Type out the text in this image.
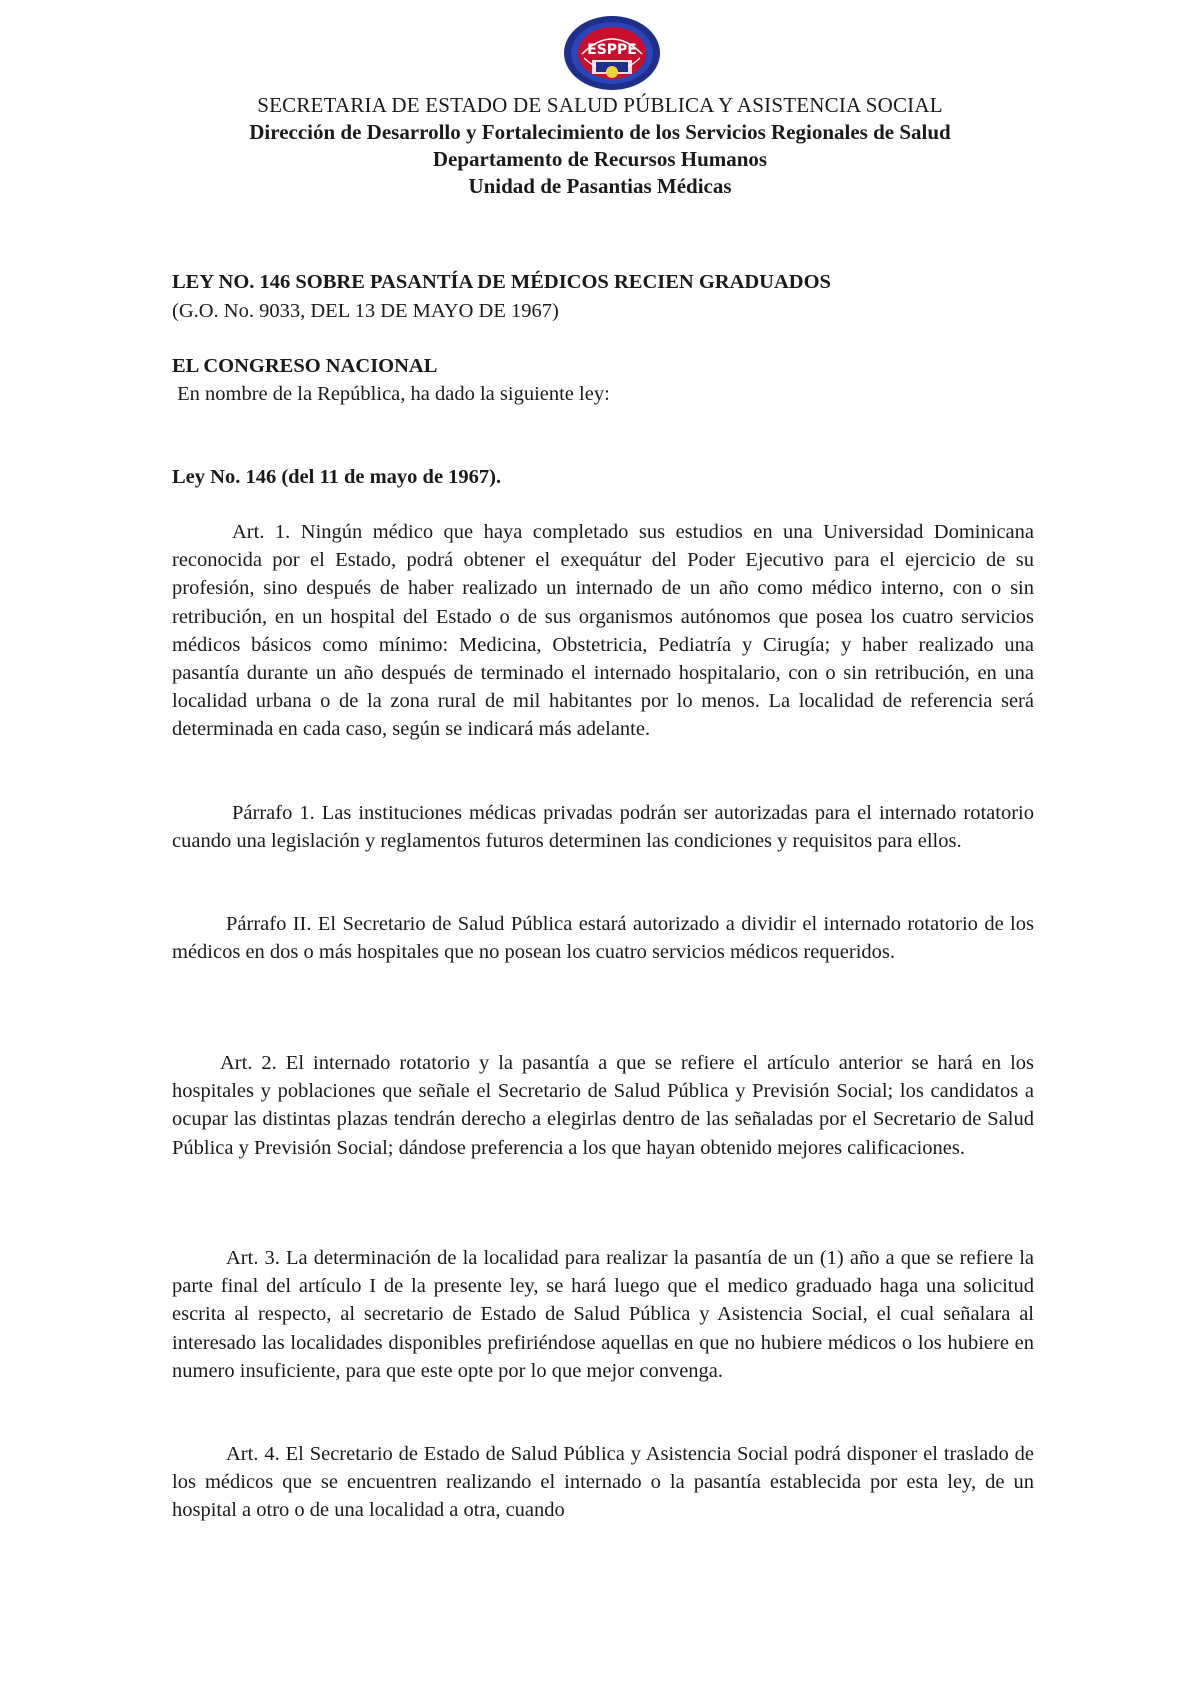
ESPPE
SECRETARIA DE ESTADO DE SALUD PÚBLICA Y ASISTENCIA SOCIAL
Dirección de Desarrollo y Fortalecimiento de los Servicios Regionales de Salud
Departamento de Recursos Humanos
Unidad de Pasantias Médicas
LEY NO. 146 SOBRE PASANTÍA DE MÉDICOS RECIEN GRADUADOS
(G.O. No. 9033, DEL 13 DE MAYO DE 1967)
EL CONGRESO NACIONAL
En nombre de la República, ha dado la siguiente ley:
Ley No. 146 (del 11 de mayo de 1967).
Art. 1. Ningún médico que haya completado sus estudios en una Universidad Dominicana reconocida por el Estado, podrá obtener el exequátur del Poder Ejecutivo para el ejercicio de su profesión, sino después de haber realizado un internado de un año como médico interno, con o sin retribución, en un hospital del Estado o de sus organismos autónomos que posea los cuatro servicios médicos básicos como mínimo: Medicina, Obstetricia, Pediatría y Cirugía; y haber realizado una pasantía durante un año después de terminado el internado hospitalario, con o sin retribución, en una localidad urbana o de la zona rural de mil habitantes por lo menos. La localidad de referencia será determinada en cada caso, según se indicará más adelante.
Párrafo 1. Las instituciones médicas privadas podrán ser autorizadas para el internado rotatorio cuando una legislación y reglamentos futuros determinen las condiciones y requisitos para ellos.
Párrafo II. El Secretario de Salud Pública estará autorizado a dividir el internado rotatorio de los médicos en dos o más hospitales que no posean los cuatro servicios médicos requeridos.
Art. 2. El internado rotatorio y la pasantía a que se refiere el artículo anterior se hará en los hospitales y poblaciones que señale el Secretario de Salud Pública y Previsión Social; los candidatos a ocupar las distintas plazas tendrán derecho a elegirlas dentro de las señaladas por el Secretario de Salud Pública y Previsión Social; dándose preferencia a los que hayan obtenido mejores calificaciones.
Art. 3. La determinación de la localidad para realizar la pasantía de un (1) año a que se refiere la parte final del artículo I de la presente ley, se hará luego que el medico graduado haga una solicitud escrita al respecto, al secretario de Estado de Salud Pública y Asistencia Social, el cual señalara al interesado las localidades disponibles prefiriéndose aquellas en que no hubiere médicos o los hubiere en numero insuficiente, para que este opte por lo que mejor convenga.
Art. 4. El Secretario de Estado de Salud Pública y Asistencia Social podrá disponer el traslado de los médicos que se encuentren realizando el internado o la pasantía establecida por esta ley, de un hospital a otro o de una localidad a otra, cuando
